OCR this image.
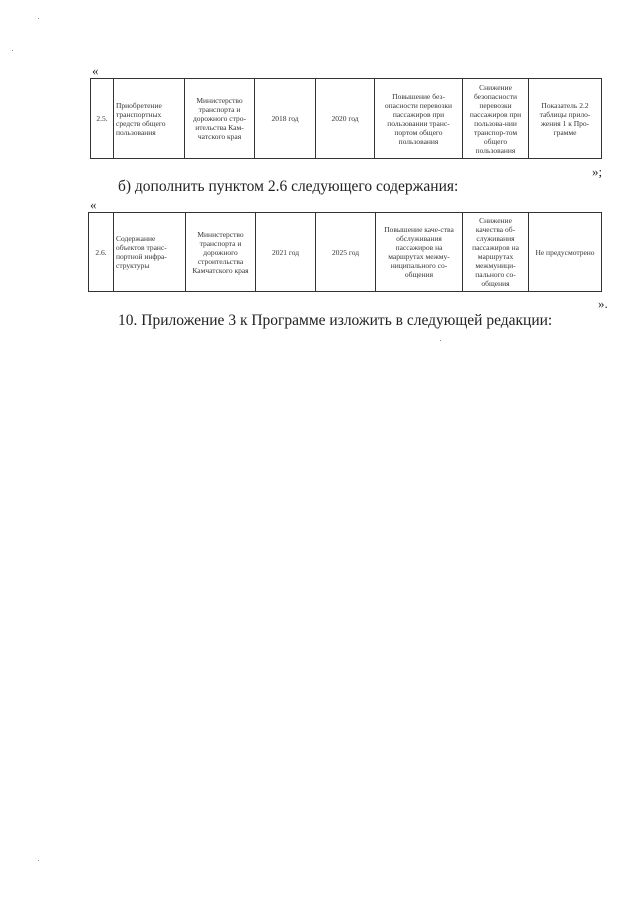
«
2.5.	Приобретение транспортных средств общего пользования	Министерство транспорта и дорожного стро-ительства Кам-чатского края	2018 год	2020 год	Повышение без-опасности перевозки пассажиров при пользовании транс-портом общего пользования	Снижение безопасности перевозки пассажиров при пользова-нии транспор-том общего пользования	Показатель 2.2 таблицы прило-жения 1 к Про-грамме
»;
б) дополнить пунктом 2.6 следующего содержания:
«
2.6.	Содержание объектов транс-портной инфра-структуры	Министерство транспорта и дорожного строительства Камчатского края	2021 год	2025 год	Повышение каче-ства обслуживания пассажиров на маршрутах межму-ниципального со-общения	Снижение качества об-служивания пассажиров на маршрутах межмуници-пального со-общения	Не предусмотрено
».
10. Приложение 3 к Программе изложить в следующей редакции:
